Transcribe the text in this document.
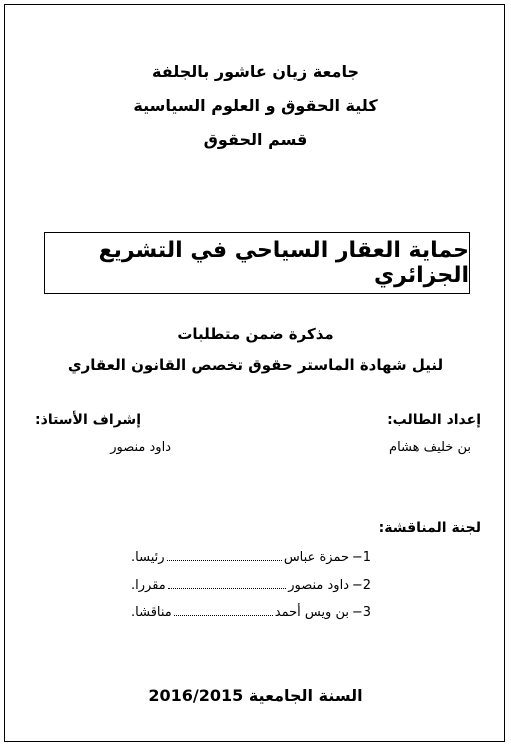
جامعة زيان عاشور بالجلفة
كلية الحقوق و العلوم السياسية
قسم الحقوق
حماية العقار السياحي في التشريع الجزائري
مذكرة ضمن متطلبات
لنيل شهادة الماستر حقوق تخصص القانون العقاري
إعداد الطالب:
بن خليف هشام
إشراف الأستاذ:
داود منصور
لجنة المناقشة:
1−
حمزة عباس
رئيسا.
2−
داود منصور
مقررا.
3−
بن ويس أحمد
مناقشا.
السنة الجامعية 2016/2015
